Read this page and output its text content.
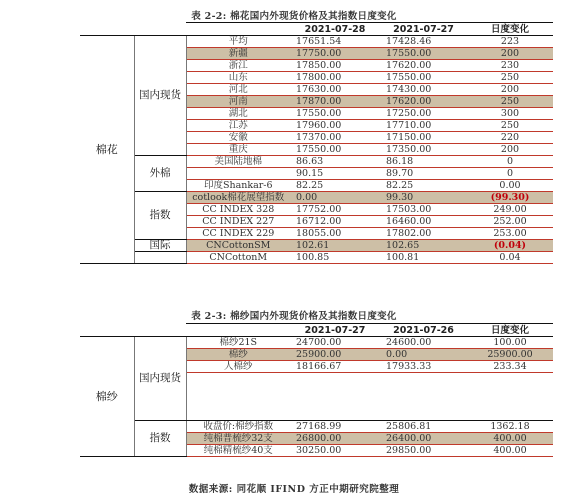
表 2-2: 棉花国内外现货价格及其指数日度变化
			2021-07-28	2021-07-27	日度变化
棉花	国内现货	平均	17651.54	17428.46	223
		新疆	17750.00	17550.00	200
		浙江	17850.00	17620.00	230
		山东	17800.00	17550.00	250
		河北	17630.00	17430.00	200
		河南	17870.00	17620.00	250
		湖北	17550.00	17250.00	300
		江苏	17960.00	17710.00	250
		安徽	17370.00	17150.00	220
		重庆	17550.00	17350.00	200
	外棉	美国陆地棉	86.63	86.18	0
			90.15	89.70	0
		印度Shankar-6	82.25	82.25	0.00
	指数	cotlook棉花展望指数	0.00	99.30	(99.30)
		CC INDEX 328	17752.00	17503.00	249.00
		CC INDEX 227	16712.00	16460.00	252.00
		CC INDEX 229	18055.00	17802.00	253.00
	国际	CNCottonSM	102.61	102.65	(0.04)
		CNCottonM	100.85	100.81	0.04
表 2-3: 棉纱国内外现货价格及其指数日度变化
			2021-07-27	2021-07-26	日度变化
棉纱	国内现货	棉纱21S	24700.00	24600.00	100.00
		棉纱	25900.00	0.00	25900.00
		人棉纱	18166.67	17933.33	233.34

	指数	收盘价:棉纱指数	27168.99	25806.81	1362.18
		纯棉普梳纱32支	26800.00	26400.00	400.00
		纯棉精梳纱40支	30250.00	29850.00	400.00
数据来源: 同花顺 IFIND 方正中期研究院整理
